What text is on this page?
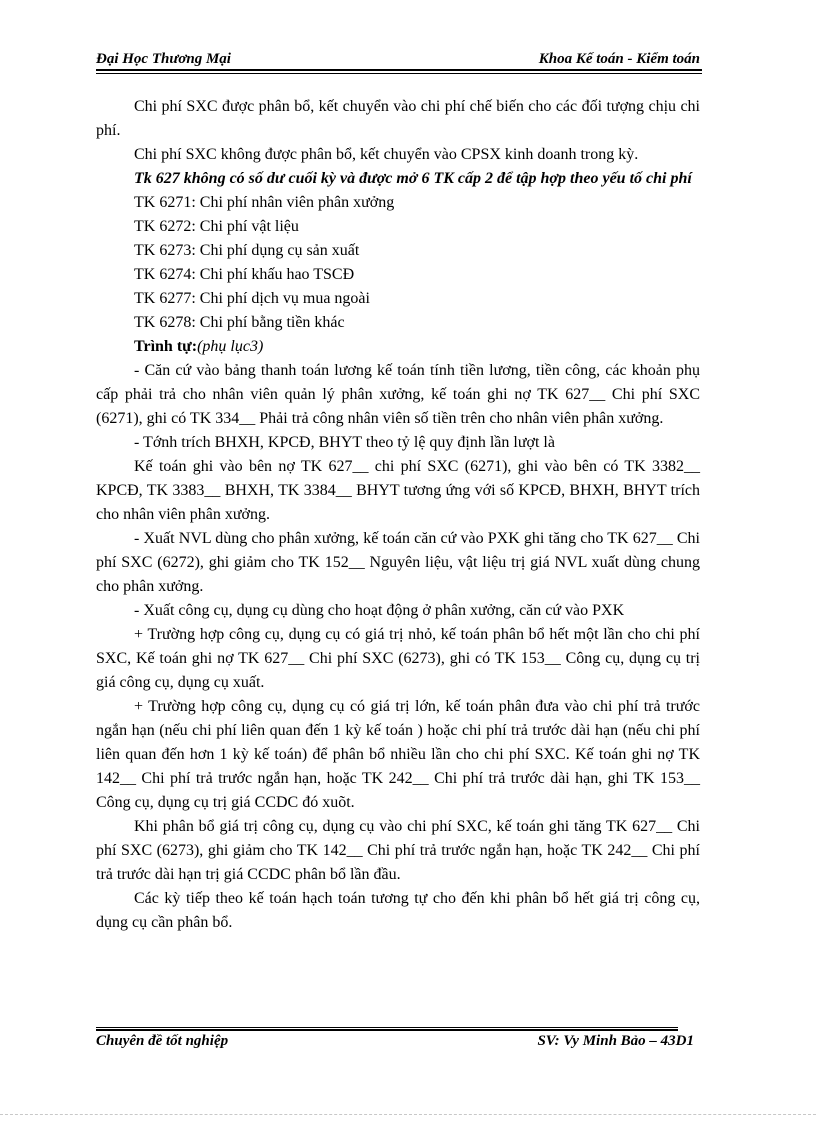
Đại Học Thương Mại	Khoa Kế toán - Kiểm toán

Chi phí SXC được phân bổ, kết chuyển vào chi phí chế biến cho các đối tượng chịu chi phí.

Chi phí SXC không được phân bổ, kết chuyển vào CPSX kinh doanh trong kỳ.

Tk 627 không có số dư cuối kỳ và được mở 6 TK cấp 2 để tập hợp theo yếu tố chi phí

TK 6271: Chi phí nhân viên phân xưởng

TK 6272: Chi phí vật liệu

TK 6273: Chi phí dụng cụ sản xuất

TK 6274: Chi phí khấu hao TSCĐ

TK 6277: Chi phí dịch vụ mua ngoài

TK 6278: Chi phí bằng tiền khác

Trình tự:(phụ lục3)

- Căn cứ vào bảng thanh toán lương kế toán tính tiền lương, tiền công, các khoản phụ cấp phải trả cho nhân viên quản lý phân xưởng, kế toán ghi nợ TK 627__ Chi phí SXC (6271), ghi có TK 334__ Phải trả công nhân viên số tiền trên cho nhân viên phân xưởng.

- Tớnh trích BHXH, KPCĐ, BHYT theo tỷ lệ quy định lần lượt là

Kế toán ghi vào bên nợ TK 627__ chi phí SXC (6271), ghi vào bên có TK 3382__ KPCĐ, TK 3383__ BHXH, TK 3384__ BHYT tương ứng với số KPCĐ, BHXH, BHYT trích cho nhân viên phân xưởng.

- Xuất NVL dùng cho phân xưởng, kế toán căn cứ vào PXK ghi tăng cho TK 627__ Chi phí SXC (6272), ghi giảm cho TK 152__ Nguyên liệu, vật liệu trị giá NVL xuất dùng chung cho phân xưởng.

- Xuất công cụ, dụng cụ dùng cho hoạt động ở phân xưởng, căn cứ vào PXK

+ Trường hợp công cụ, dụng cụ có giá trị nhỏ, kế toán phân bổ hết một lần cho chi phí SXC, Kế toán ghi nợ TK 627__ Chi phí SXC (6273), ghi có TK 153__ Công cụ, dụng cụ trị giá công cụ, dụng cụ xuất.

+ Trường hợp công cụ, dụng cụ có giá trị lớn, kế toán phân đưa vào chi phí trả trước ngắn hạn (nếu chi phí liên quan đến 1 kỳ kế toán ) hoặc chi phí trả trước dài hạn (nếu chi phí liên quan đến hơn 1 kỳ kế toán) để phân bổ nhiều lần cho chi phí SXC. Kế toán ghi nợ TK 142__ Chi phí trả trước ngắn hạn, hoặc TK 242__ Chi phí trả trước dài hạn, ghi TK 153__ Công cụ, dụng cụ trị giá CCDC đó xuõt.

Khi phân bổ giá trị công cụ, dụng cụ vào chi phí SXC, kế toán ghi tăng TK 627__ Chi phí SXC (6273), ghi giảm cho TK 142__ Chi phí trả trước ngắn hạn, hoặc TK 242__ Chi phí trả trước dài hạn trị giá CCDC phân bổ lần đầu.

Các kỳ tiếp theo kế toán hạch toán tương tự cho đến khi phân bổ hết giá trị công cụ, dụng cụ cần phân bổ.

Chuyên đề tốt nghiệp	SV: Vy Minh Bảo – 43D1
